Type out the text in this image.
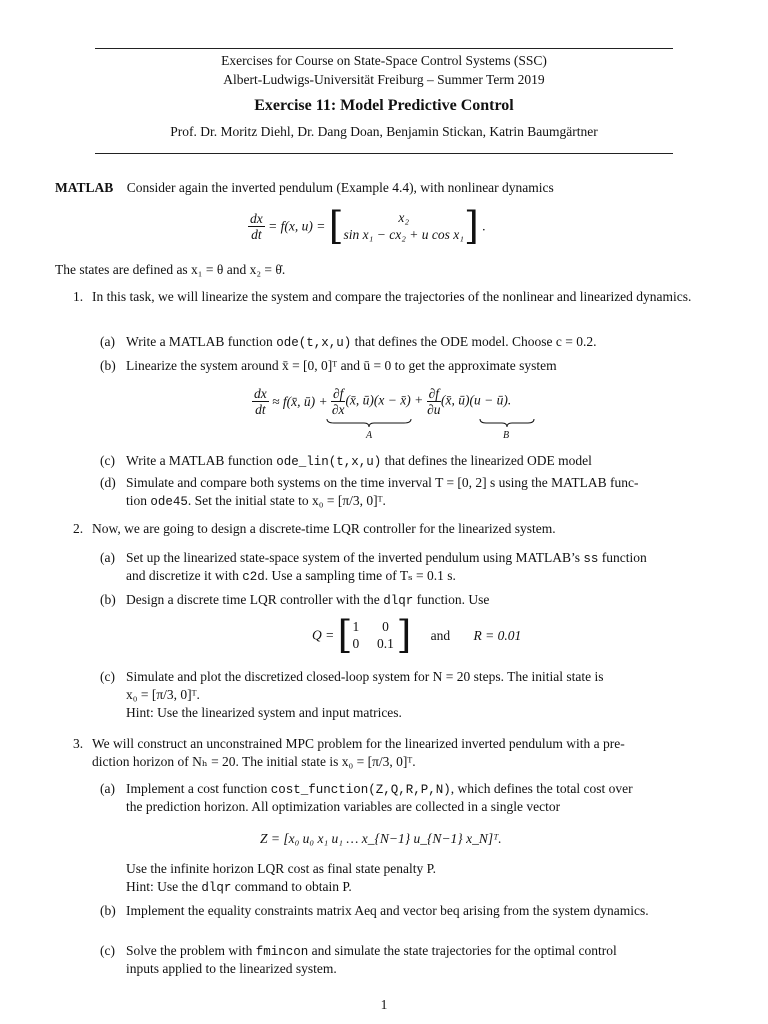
Exercises for Course on State-Space Control Systems (SSC)
Albert-Ludwigs-Universität Freiburg – Summer Term 2019
Exercise 11: Model Predictive Control
Prof. Dr. Moritz Diehl, Dr. Dang Doan, Benjamin Stickan, Katrin Baumgärtner
MATLAB Consider again the inverted pendulum (Example 4.4), with nonlinear dynamics
$\frac{dx}{dt} = f(x$, u) = [	x₂
sin x₁ − cx₂ + u cos x₁ ] .
The states are defined as x₁ = θ and x₂ = θ̇.
1. In this task, we will linearize the system and compare the trajectories of the nonlinear and linearized dynamics.
(a) Write a MATLAB function ode(t,x,u) that defines the ODE model. Choose c = 0.2.
(b) Linearize the system around x̄ = [0, 0]ᵀ and ū = 0 to get the approximate system
$\frac{dx}{dt}$ ≈ f(x̄, ū) + $\frac{\partial f}{\partial x}$ (x̄, ū)(x − x̄) + $\frac{\partial f}{\partial u}$ (x̄, ū)(u − ū).
A	B
(c) Write a MATLAB function ode_lin(t,x,u) that defines the linearized ODE model
(d) Simulate and compare both systems on the time inverval T = [0, 2] s using the MATLAB func-
tion ode45. Set the initial state to x₀ = [π/3, 0]ᵀ.
2. Now, we are going to design a discrete-time LQR controller for the linearized system.
(a) Set up the linearized state-space system of the inverted pendulum using MATLAB’s ss function
and discretize it with c2d. Use a sampling time of Tₛ = 0.1 s.
(b) Design a discrete time LQR controller with the dlqr function. Use
Q = [ 1 0
0 0.1 ] and R = 0.01
(c) Simulate and plot the discretized closed-loop system for N = 20 steps. The initial state is
x₀ = [π/3, 0]ᵀ.
Hint: Use the linearized system and input matrices.
3. We will construct an unconstrained MPC problem for the linearized inverted pendulum with a pre-
diction horizon of Nₕ = 20. The initial state is x₀ = [π/3, 0]ᵀ.
(a) Implement a cost function cost_function(Z,Q,R,P,N), which defines the total cost over
the prediction horizon. All optimization variables are collected in a single vector
Z = [x₀ u₀ x₁ u₁ … x_{N−1} u_{N−1} x_N]ᵀ.
Use the infinite horizon LQR cost as final state penalty P.
Hint: Use the dlqr command to obtain P.
(b) Implement the equality constraints matrix Aeq and vector beq arising from the system dynamics.
(c) Solve the problem with fmincon and simulate the state trajectories for the optimal control
inputs applied to the linearized system.
1
